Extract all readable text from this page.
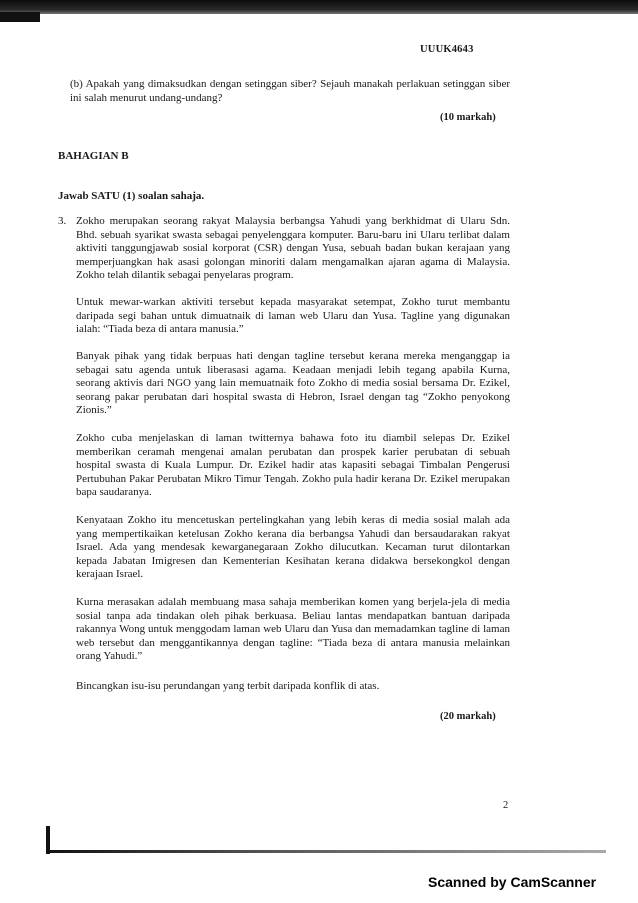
UUUK4643
(b) Apakah yang dimaksudkan dengan setinggan siber? Sejauh manakah perlakuan setinggan siber ini salah menurut undang-undang?
(10 markah)
BAHAGIAN B
Jawab SATU (1) soalan sahaja.
3. Zokho merupakan seorang rakyat Malaysia berbangsa Yahudi yang berkhidmat di Ularu Sdn. Bhd. sebuah syarikat swasta sebagai penyelenggara komputer. Baru-baru ini Ularu terlibat dalam aktiviti tanggungjawab sosial korporat (CSR) dengan Yusa, sebuah badan bukan kerajaan yang memperjuangkan hak asasi golongan minoriti dalam mengamalkan ajaran agama di Malaysia. Zokho telah dilantik sebagai penyelaras program.
Untuk mewar-warkan aktiviti tersebut kepada masyarakat setempat, Zokho turut membantu daripada segi bahan untuk dimuatnaik di laman web Ularu dan Yusa. Tagline yang digunakan ialah: “Tiada beza di antara manusia.”
Banyak pihak yang tidak berpuas hati dengan tagline tersebut kerana mereka menganggap ia sebagai satu agenda untuk liberasasi agama. Keadaan menjadi lebih tegang apabila Kurna, seorang aktivis dari NGO yang lain memuatnaik foto Zokho di media sosial bersama Dr. Ezikel, seorang pakar perubatan dari hospital swasta di Hebron, Israel dengan tag “Zokho penyokong Zionis.”
Zokho cuba menjelaskan di laman twitternya bahawa foto itu diambil selepas Dr. Ezikel memberikan ceramah mengenai amalan perubatan dan prospek karier perubatan di sebuah hospital swasta di Kuala Lumpur. Dr. Ezikel hadir atas kapasiti sebagai Timbalan Pengerusi Pertubuhan Pakar Perubatan Mikro Timur Tengah. Zokho pula hadir kerana Dr. Ezikel merupakan bapa saudaranya.
Kenyataan Zokho itu mencetuskan pertelingkahan yang lebih keras di media sosial malah ada yang mempertikaikan ketelusan Zokho kerana dia berbangsa Yahudi dan bersaudarakan rakyat Israel. Ada yang mendesak kewarganegaraan Zokho dilucutkan. Kecaman turut dilontarkan kepada Jabatan Imigresen dan Kementerian Kesihatan kerana didakwa bersekongkol dengan kerajaan Israel.
Kurna merasakan adalah membuang masa sahaja memberikan komen yang berjela-jela di media sosial tanpa ada tindakan oleh pihak berkuasa. Beliau lantas mendapatkan bantuan daripada rakannya Wong untuk menggodam laman web Ularu dan Yusa dan memadamkan tagline di laman web tersebut dan menggantikannya dengan tagline: “Tiada beza di antara manusia melainkan orang Yahudi.”
Bincangkan isu-isu perundangan yang terbit daripada konflik di atas.
(20 markah)
2
Scanned by CamScanner
